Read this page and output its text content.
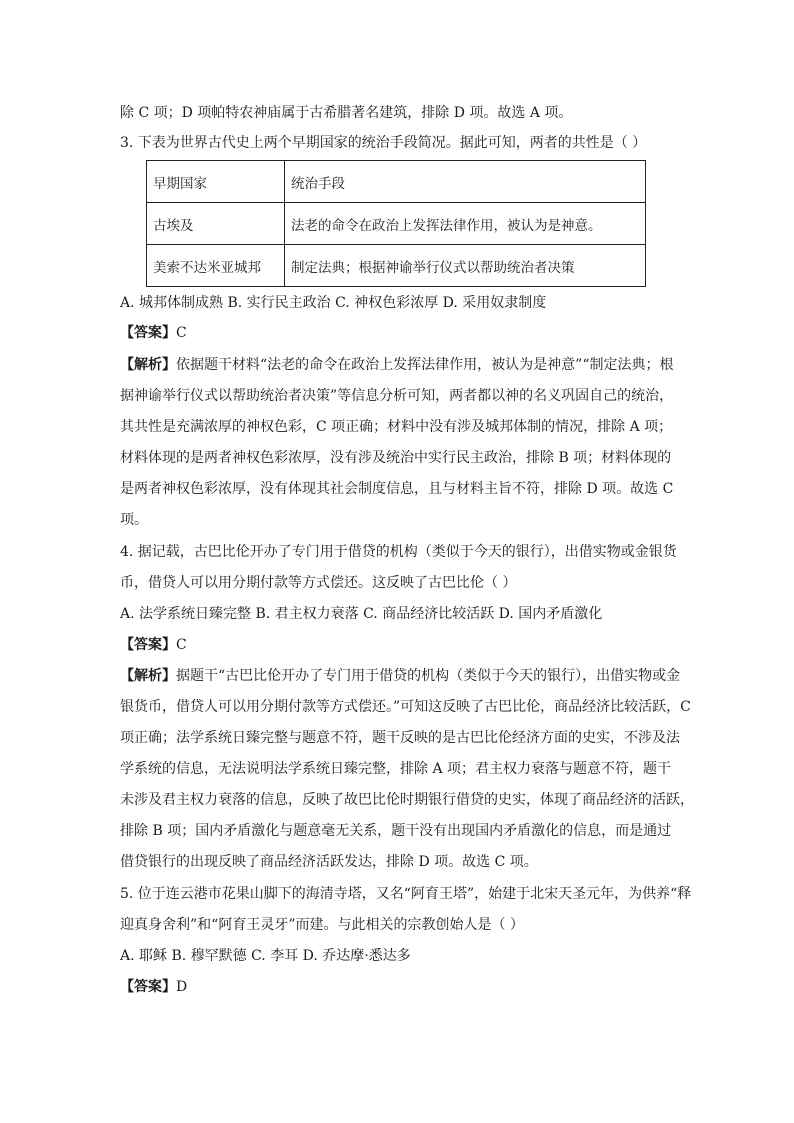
除 C 项；D 项帕特农神庙属于古希腊著名建筑，排除 D 项。故选 A 项。
3. 下表为世界古代史上两个早期国家的统治手段简况。据此可知，两者的共性是（ ）
早期国家	统治手段
古埃及	法老的命令在政治上发挥法律作用，被认为是神意。
美索不达米亚城邦	制定法典；根据神谕举行仪式以帮助统治者决策
A. 城邦体制成熟 B. 实行民主政治 C. 神权色彩浓厚 D. 采用奴隶制度
【答案】C
【解析】依据题干材料“法老的命令在政治上发挥法律作用，被认为是神意”“制定法典；根
据神谕举行仪式以帮助统治者决策”等信息分析可知，两者都以神的名义巩固自己的统治，
其共性是充满浓厚的神权色彩，C 项正确；材料中没有涉及城邦体制的情况，排除 A 项；
材料体现的是两者神权色彩浓厚，没有涉及统治中实行民主政治，排除 B 项；材料体现的
是两者神权色彩浓厚，没有体现其社会制度信息，且与材料主旨不符，排除 D 项。故选 C
项。
4. 据记载，古巴比伦开办了专门用于借贷的机构（类似于今天的银行），出借实物或金银货
币，借贷人可以用分期付款等方式偿还。这反映了古巴比伦（ ）
A. 法学系统日臻完整 B. 君主权力衰落 C. 商品经济比较活跃 D. 国内矛盾激化
【答案】C
【解析】据题干“古巴比伦开办了专门用于借贷的机构（类似于今天的银行），出借实物或金
银货币，借贷人可以用分期付款等方式偿还。”可知这反映了古巴比伦，商品经济比较活跃，C
项正确；法学系统日臻完整与题意不符，题干反映的是古巴比伦经济方面的史实，不涉及法
学系统的信息，无法说明法学系统日臻完整，排除 A 项；君主权力衰落与题意不符，题干
未涉及君主权力衰落的信息，反映了故巴比伦时期银行借贷的史实，体现了商品经济的活跃，
排除 B 项；国内矛盾激化与题意毫无关系，题干没有出现国内矛盾激化的信息，而是通过
借贷银行的出现反映了商品经济活跃发达，排除 D 项。故选 C 项。
5. 位于连云港市花果山脚下的海清寺塔，又名“阿育王塔”，始建于北宋天圣元年，为供养“释
迎真身舍利”和“阿育王灵牙”而建。与此相关的宗教创始人是（ ）
A. 耶稣 B. 穆罕默德 C. 李耳 D. 乔达摩·悉达多
【答案】D
